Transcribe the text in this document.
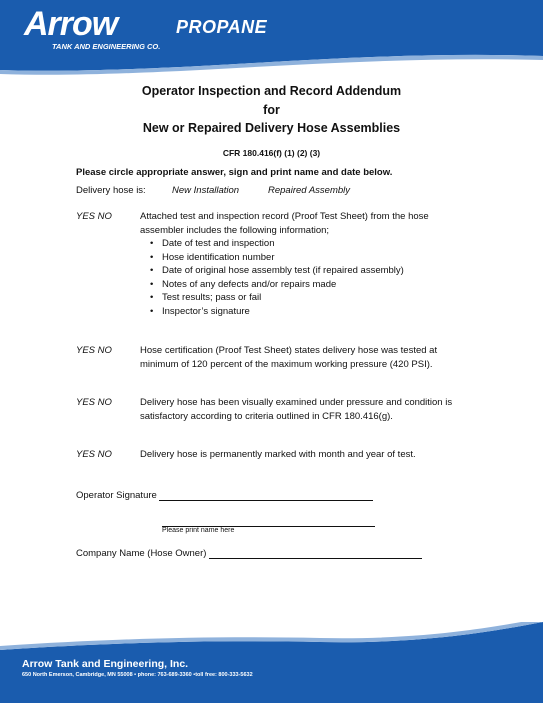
Arrow	PROPANE
TANK AND ENGINEERING CO.
Operator Inspection and Record Addendum
for
New or Repaired Delivery Hose Assemblies
CFR 180.416(f) (1) (2) (3)
Please circle appropriate answer, sign and print name and date below.
Delivery hose is:	New Installation	Repaired Assembly
YES NO	Attached test and inspection record (Proof Test Sheet) from the hose assembler includes the following information;
• Date of test and inspection
• Hose identification number
• Date of original hose assembly test (if repaired assembly)
• Notes of any defects and/or repairs made
• Test results; pass or fail
• Inspector’s signature
YES NO	Hose certification (Proof Test Sheet) states delivery hose was tested at minimum of 120 percent of the maximum working pressure (420 PSI).
YES NO	Delivery hose has been visually examined under pressure and condition is satisfactory according to criteria outlined in CFR 180.416(g).
YES NO	Delivery hose is permanently marked with month and year of test.
Operator Signature
Please print name here
Company Name (Hose Owner)
Arrow Tank and Engineering, Inc.
650 North Emerson, Cambridge, MN 55008 • phone: 763-689-3360 •toll free: 800-333-5632
